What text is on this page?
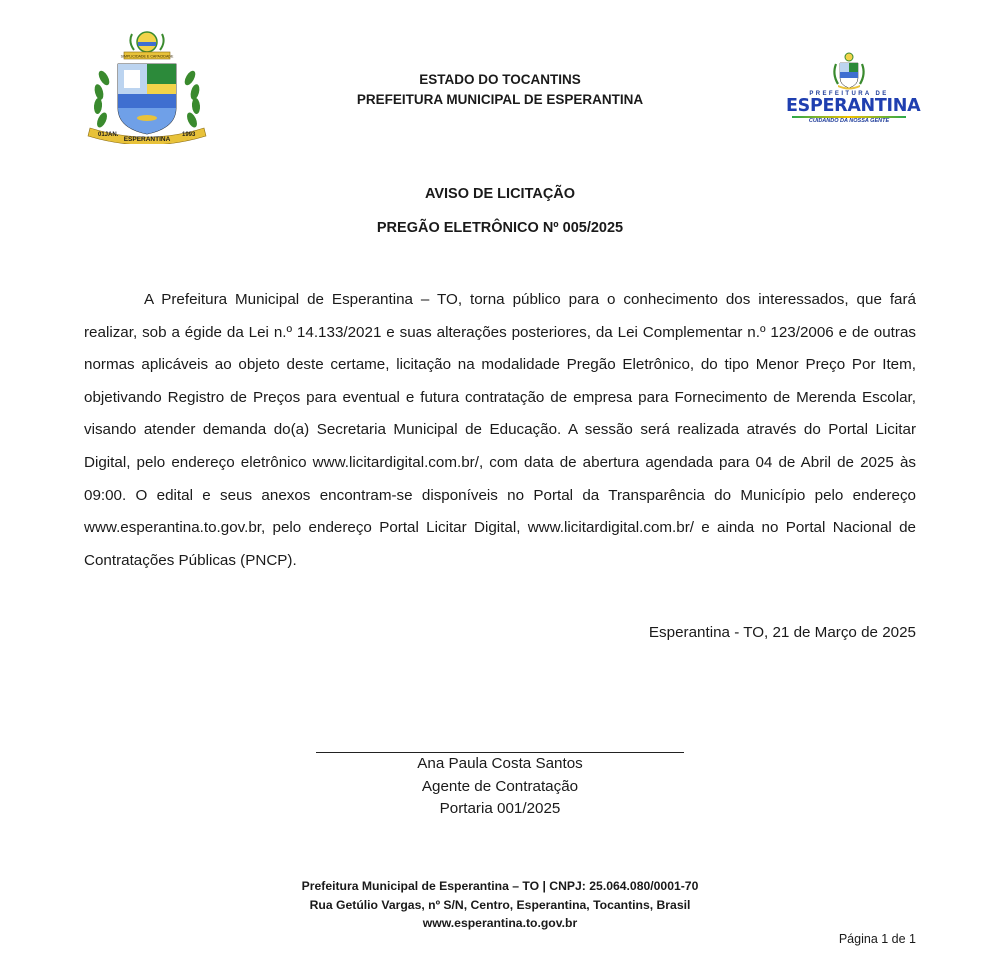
SIMPLICIDADE E CAPACIDADE
01JAN.
ESPERANTINA
1993
ESTADO DO TOCANTINS
PREFEITURA MUNICIPAL DE ESPERANTINA	PREFEITURA DE
ESPERANTINA
CUIDANDO DA NOSSA GENTE
AVISO DE LICITAÇÃO
PREGÃO ELETRÔNICO Nº 005/2025
A Prefeitura Municipal de Esperantina – TO, torna público para o conhecimento dos interessados, que fará realizar, sob a égide da Lei n.º 14.133/2021 e suas alterações posteriores, da Lei Complementar n.º 123/2006 e de outras normas aplicáveis ao objeto deste certame, licitação na modalidade Pregão Eletrônico, do tipo Menor Preço Por Item, objetivando Registro de Preços para eventual e futura contratação de empresa para Fornecimento de Merenda Escolar, visando atender demanda do(a) Secretaria Municipal de Educação. A sessão será realizada através do Portal Licitar Digital, pelo endereço eletrônico www.licitardigital.com.br/, com data de abertura agendada para 04 de Abril de 2025 às 09:00. O edital e seus anexos encontram-se disponíveis no Portal da Transparência do Município pelo endereço www.esperantina.to.gov.br, pelo endereço Portal Licitar Digital, www.licitardigital.com.br/ e ainda no Portal Nacional de Contratações Públicas (PNCP).
Esperantina - TO, 21 de Março de 2025
Ana Paula Costa Santos
Agente de Contratação
Portaria 001/2025
Prefeitura Municipal de Esperantina – TO | CNPJ: 25.064.080/0001-70
Rua Getúlio Vargas, nº S/N, Centro, Esperantina, Tocantins, Brasil
www.esperantina.to.gov.br
Página 1 de 1
